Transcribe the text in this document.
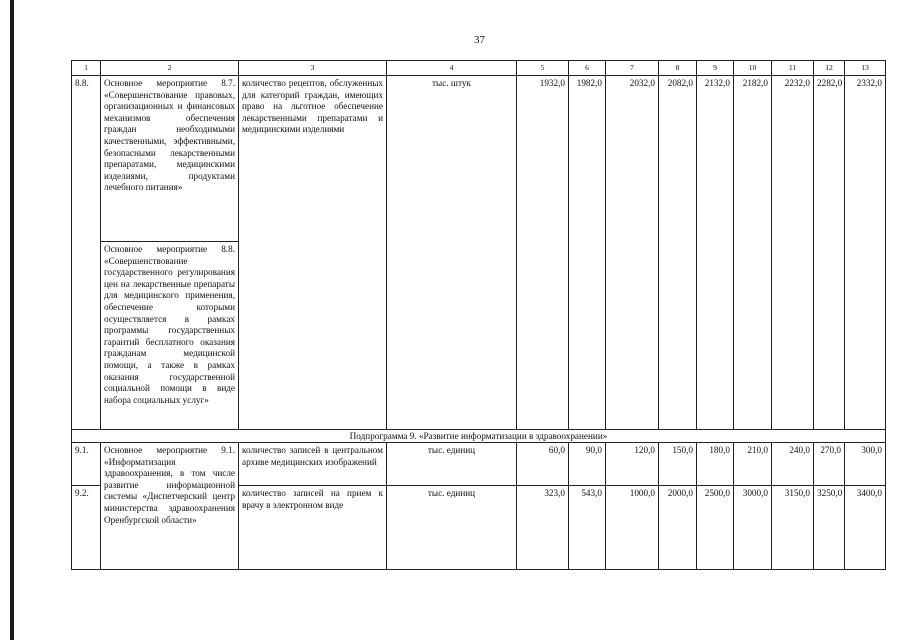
37
1	2	3	4	5	6	7	8	9	10	11	12	13
8.8.	Основное мероприятие 8.7. «Совершенствование правовых, организационных и финансовых механизмов обеспечения граждан необходимыми качественными, эффективными, безопасными лекарственными препаратами, медицинскими изделиями, продуктами лечебного питания»	количество рецептов, обслуженных для категорий граждан, имеющих право на льготное обеспечение лекарственными препаратами и медицинскими изделиями	тыс. штук	1932,0	1982,0	2032,0	2082,0	2132,0	2182,0	2232,0	2282,0	2332,0
	Основное мероприятие 8.8. «Совершенствование государственного регулирования цен на лекарственные препараты для медицинского применения, обеспечение которыми осуществляется в рамках программы государственных гарантий бесплатного оказания гражданам медицинской помощи, а также в рамках оказания государственной социальной помощи в виде набора социальных услуг»											
Подпрограмма 9. «Развитие информатизации в здравоохранении»												
9.1.	Основное мероприятие 9.1. «Информатизация здравоохранения, в том числе развитие информационной системы «Диспетчерский центр министерства здравоохранения Оренбургской области»	количество записей в центральном архиве медицинских изображений	тыс. единиц	60,0	90,0	120,0	150,0	180,0	210,0	240,0	270,0	300,0
9.2.		количество записей на прием к врачу в электронном виде	тыс. единиц	323,0	543,0	1000,0	2000,0	2500,0	3000,0	3150,0	3250,0	3400,0
